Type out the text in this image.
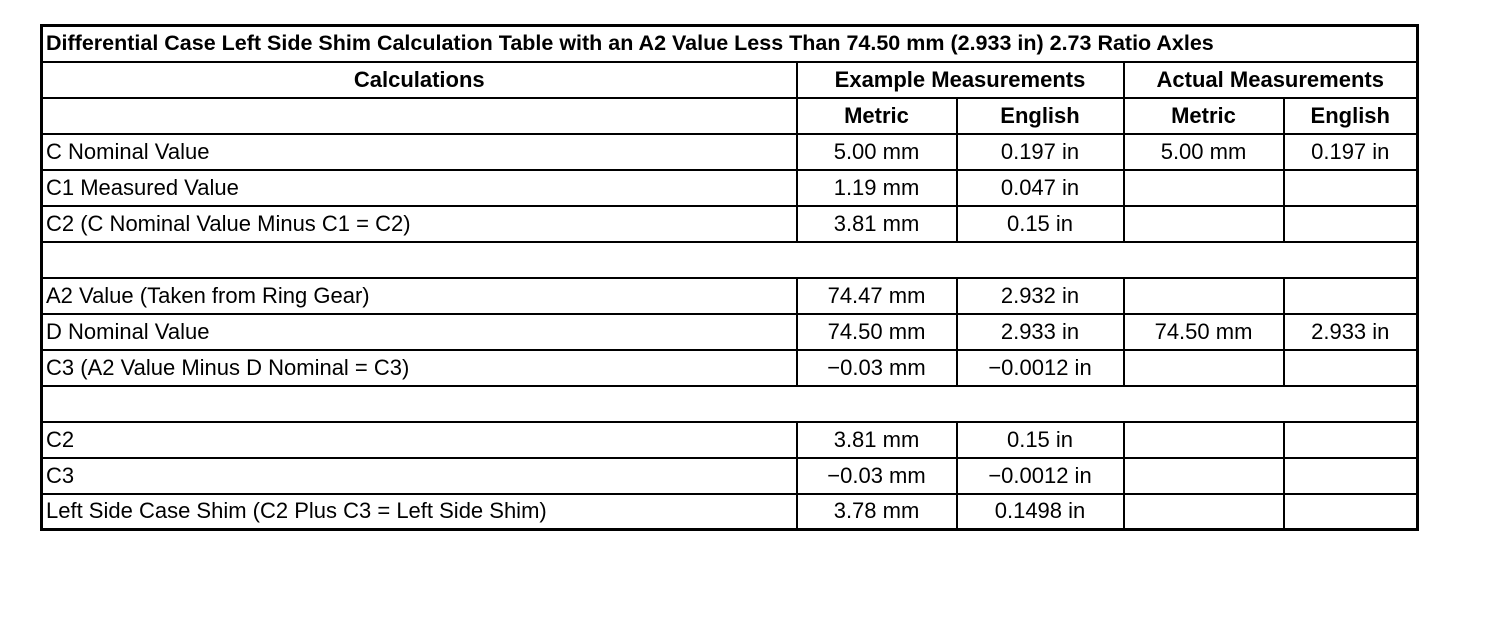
Differential Case Left Side Shim Calculation Table with an A2 Value Less Than 74.50 mm (2.933 in) 2.73 Ratio Axles				
Calculations	Example Measurements		Actual Measurements	
	Metric	English	Metric	English
C Nominal Value	5.00 mm	0.197 in	5.00 mm	0.197 in
C1 Measured Value	1.19 mm	0.047 in		
C2 (C Nominal Value Minus C1 = C2)	3.81 mm	0.15 in		

A2 Value (Taken from Ring Gear)	74.47 mm	2.932 in		
D Nominal Value	74.50 mm	2.933 in	74.50 mm	2.933 in
C3 (A2 Value Minus D Nominal = C3)	−0.03 mm	−0.0012 in		

C2	3.81 mm	0.15 in		
C3	−0.03 mm	−0.0012 in		
Left Side Case Shim (C2 Plus C3 = Left Side Shim)	3.78 mm	0.1498 in		
